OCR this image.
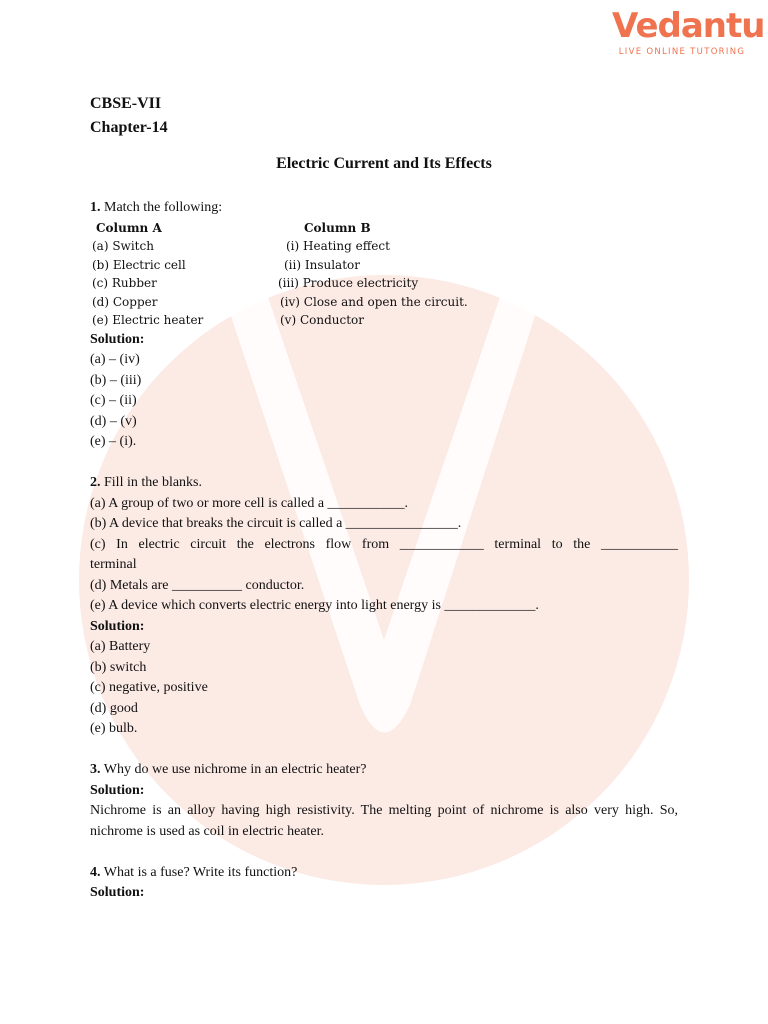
Vedantu
LIVE ONLINE TUTORING

CBSE-VII

Chapter-14

Electric Current and Its Effects

1. Match the following:

Column A
(a) Switch
(b) Electric cell
(c) Rubber
(d) Copper
(e) Electric heater
Column B
(i) Heating effect
(ii) Insulator
(iii) Produce electricity
(iv) Close and open the circuit.
(v) Conductor

Solution:

(a) – (iv)

(b) – (iii)

(c) – (ii)

(d) – (v)

(e) – (i).

2. Fill in the blanks.

(a) A group of two or more cell is called a ___________.

(b) A device that breaks the circuit is called a ________________.

(c) In electric circuit the electrons flow from ____________ terminal to the ___________

terminal

(d) Metals are __________ conductor.

(e) A device which converts electric energy into light energy is _____________.

Solution:

(a) Battery

(b) switch

(c) negative, positive

(d) good

(e) bulb.

3. Why do we use nichrome in an electric heater?

Solution:

Nichrome is an alloy having high resistivity. The melting point of nichrome is also very high. So,

nichrome is used as coil in electric heater.

4. What is a fuse? Write its function?

Solution:
